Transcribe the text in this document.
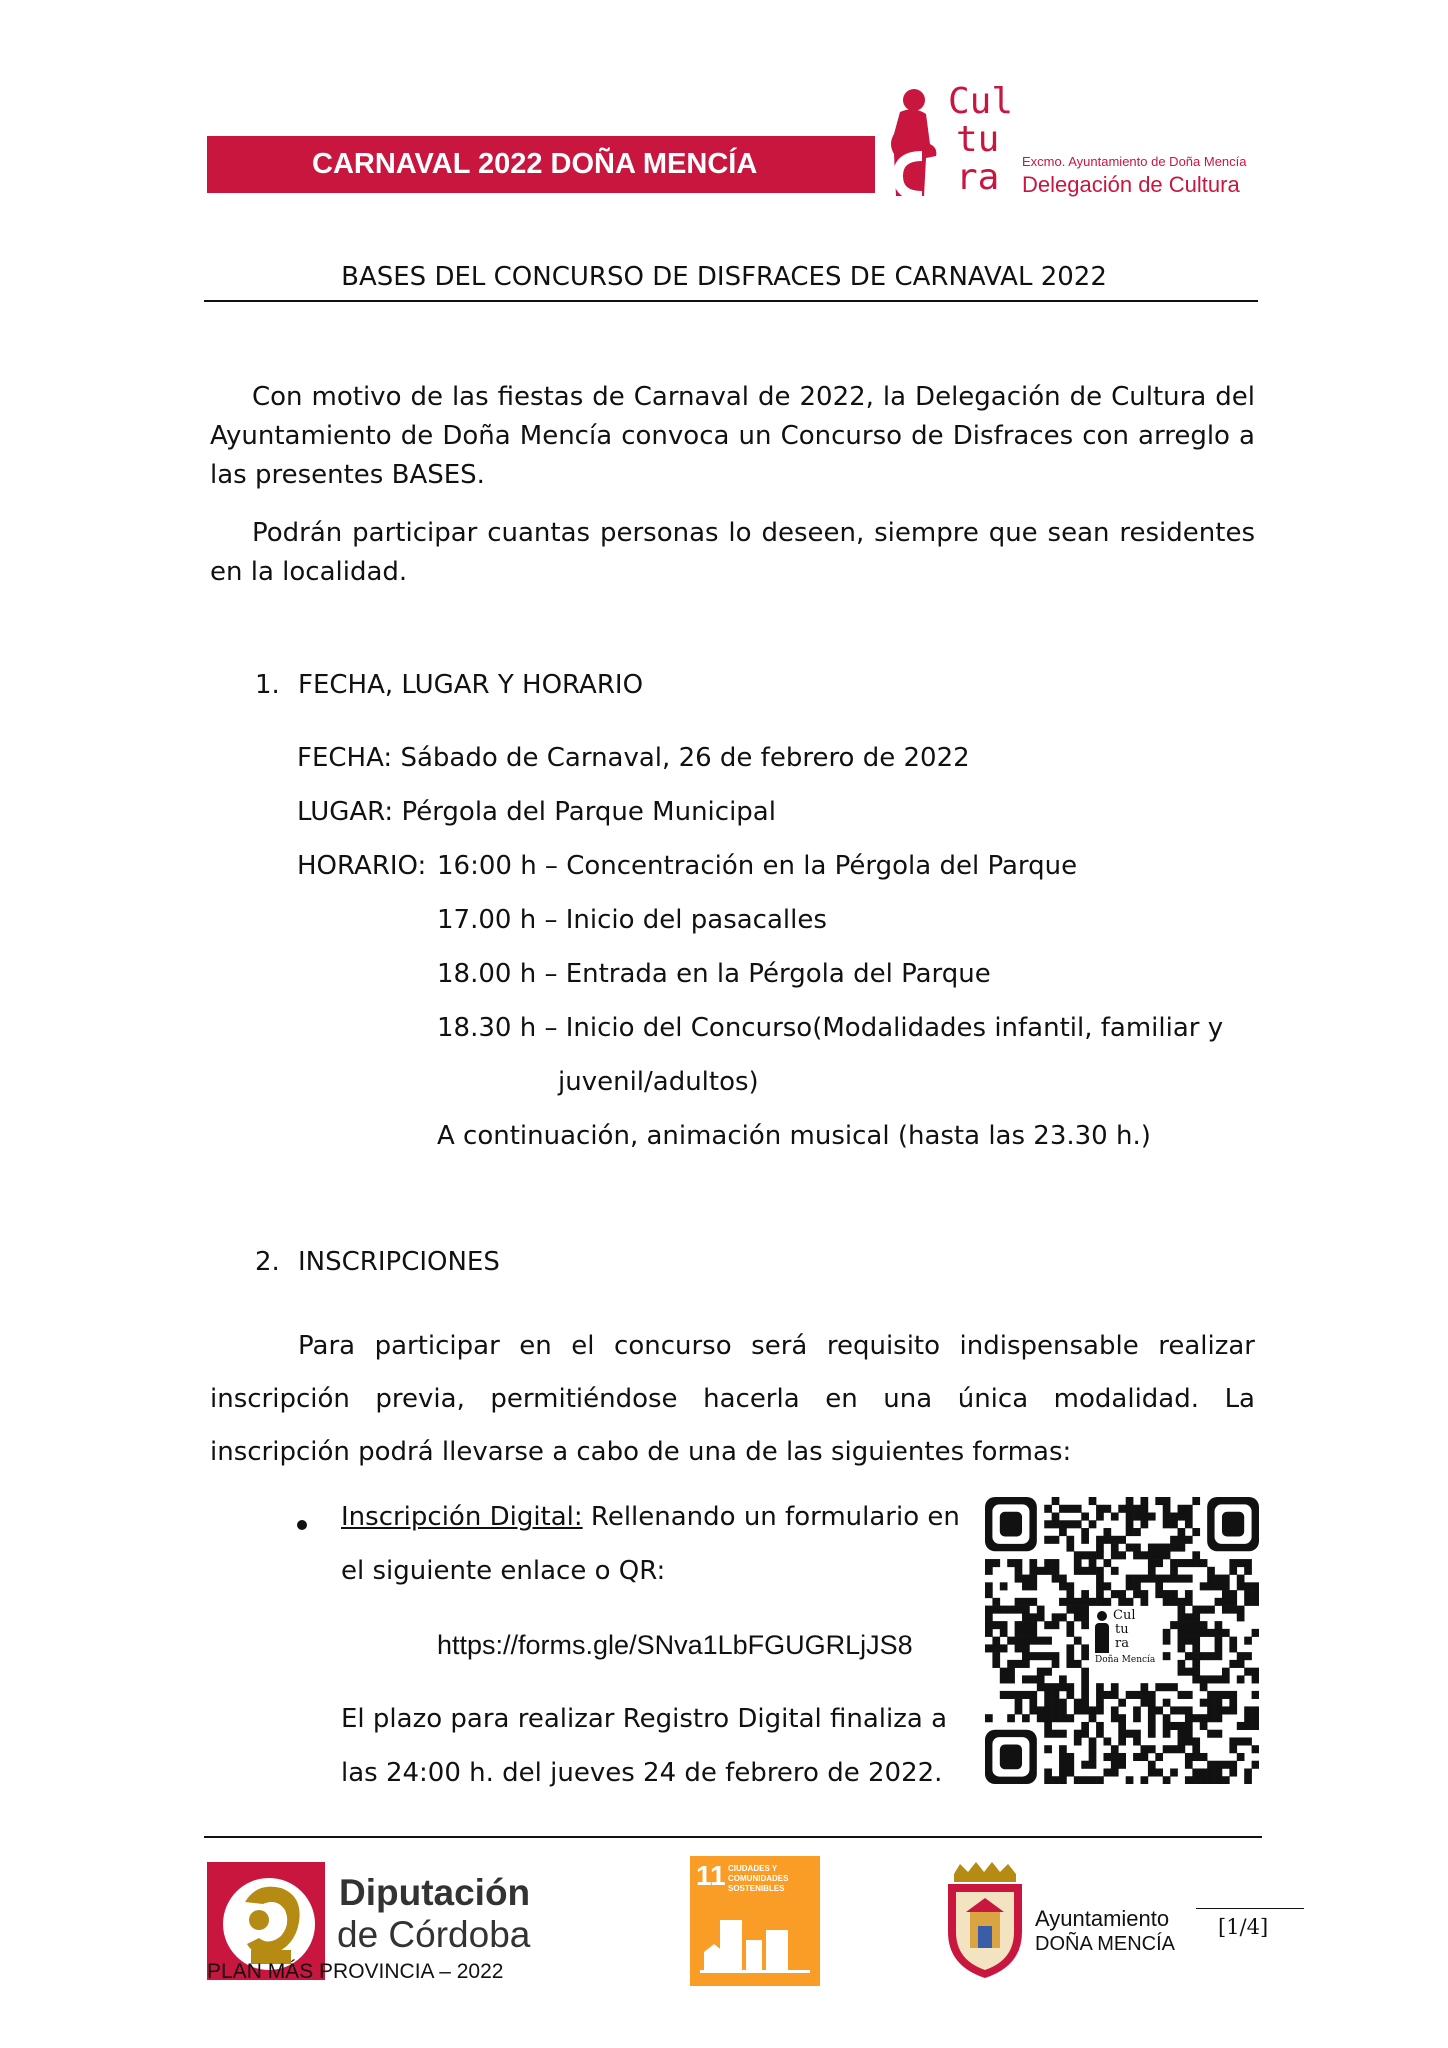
CARNAVAL 2022 DOÑA MENCÍA
Cul
tu
ra Excmo. Ayuntamiento de Doña Mencía
Delegación de Cultura
BASES DEL CONCURSO DE DISFRACES DE CARNAVAL 2022
Con motivo de las fiestas de Carnaval de 2022, la Delegación de Cultura del Ayuntamiento de Doña Mencía convoca un Concurso de Disfraces con arreglo a las presentes BASES.
Podrán participar cuantas personas lo deseen, siempre que sean residentes en la localidad.
1. FECHA, LUGAR Y HORARIO
FECHA: Sábado de Carnaval, 26 de febrero de 2022
LUGAR: Pérgola del Parque Municipal
HORARIO: 16:00 h – Concentración en la Pérgola del Parque
17.00 h – Inicio del pasacalles
18.00 h – Entrada en la Pérgola del Parque
18.30 h – Inicio del Concurso(Modalidades infantil, familiar y
juvenil/adultos)
A continuación, animación musical (hasta las 23.30 h.)
2. INSCRIPCIONES
Para participar en el concurso será requisito indispensable realizar inscripción previa, permitiéndose hacerla en una única modalidad. La inscripción podrá llevarse a cabo de una de las siguientes formas:
Inscripción Digital: Rellenando un formulario en
el siguiente enlace o QR:
https://forms.gle/SNva1LbFGUGRLjJS8
El plazo para realizar Registro Digital finaliza a
las 24:00 h. del jueves 24 de febrero de 2022.
Cul
tu
ra
Doña Mencía
Diputación
de Córdoba
PLAN MÁS PROVINCIA – 2022
11 CIUDADES Y
COMUNIDADES
SOSTENIBLES
Ayuntamiento
DOÑA MENCÍA
[1/4]
